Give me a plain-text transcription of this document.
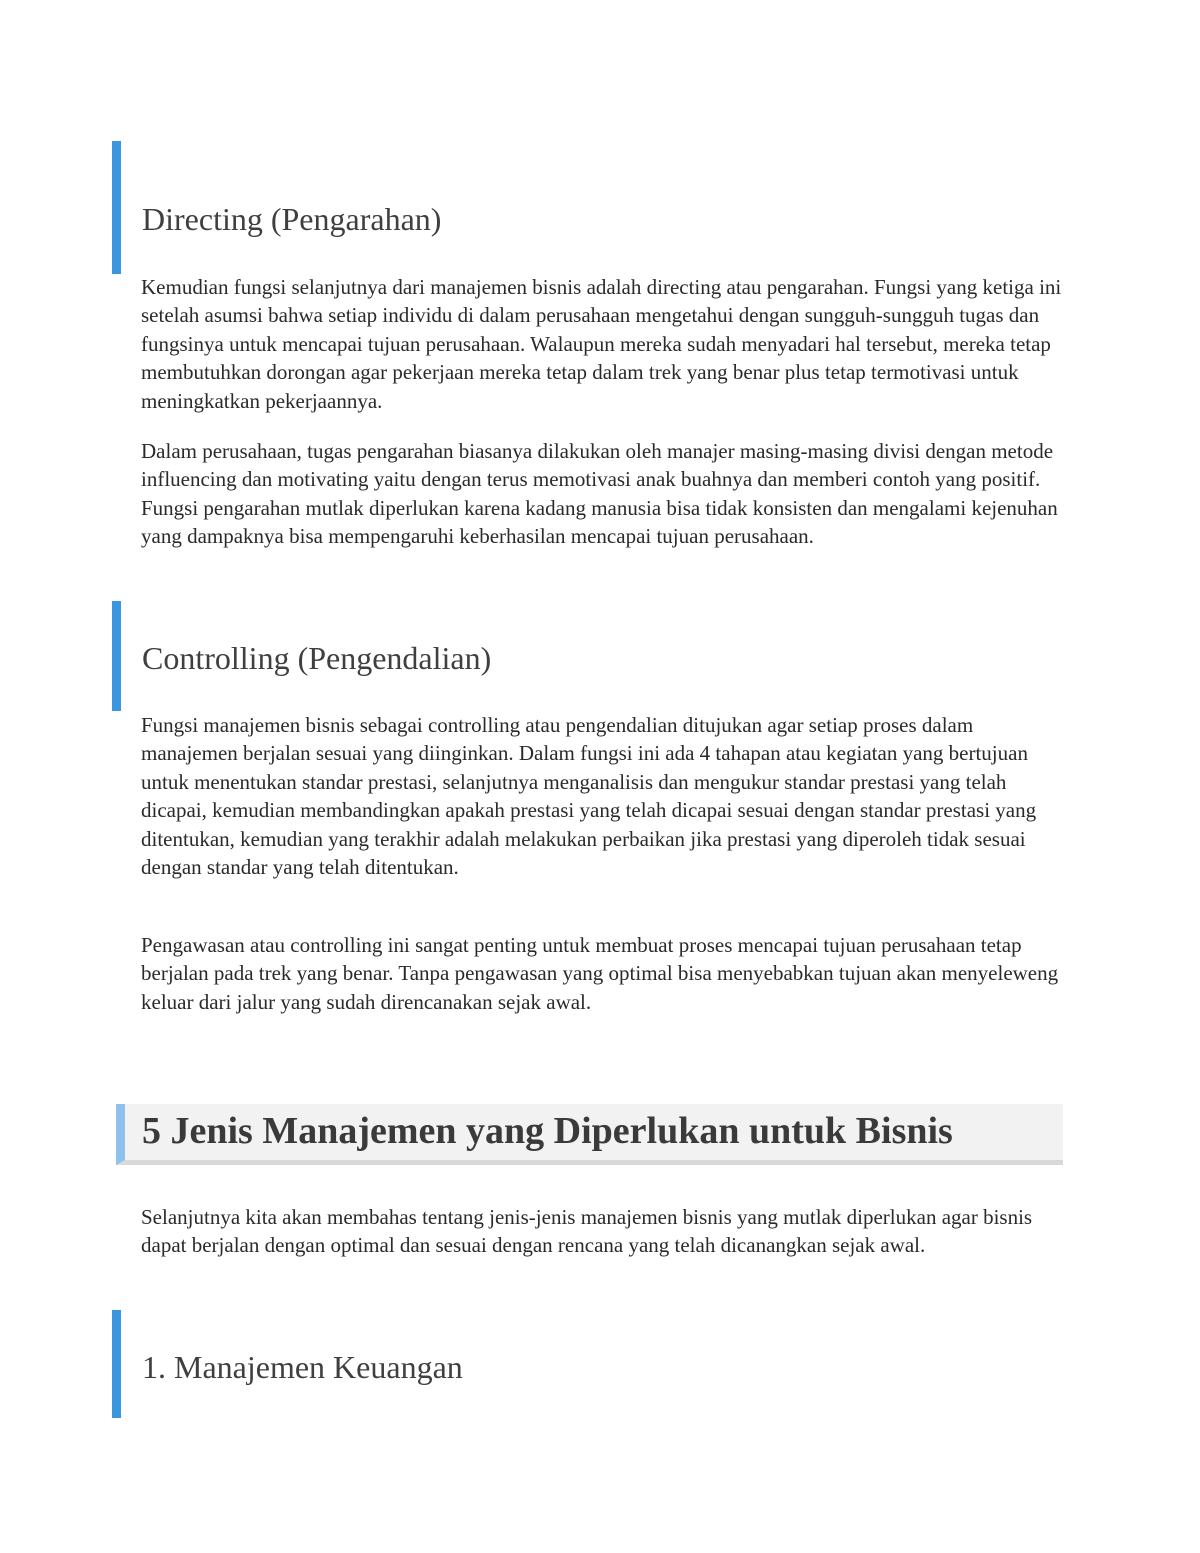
Directing (Pengarahan)

Kemudian fungsi selanjutnya dari manajemen bisnis adalah directing atau pengarahan. Fungsi yang ketiga ini setelah asumsi bahwa setiap individu di dalam perusahaan mengetahui dengan sungguh-sungguh tugas dan fungsinya untuk mencapai tujuan perusahaan. Walaupun mereka sudah menyadari hal tersebut, mereka tetap membutuhkan dorongan agar pekerjaan mereka tetap dalam trek yang benar plus tetap termotivasi untuk meningkatkan pekerjaannya.

Dalam perusahaan, tugas pengarahan biasanya dilakukan oleh manajer masing-masing divisi dengan metode influencing dan motivating yaitu dengan terus memotivasi anak buahnya dan memberi contoh yang positif. Fungsi pengarahan mutlak diperlukan karena kadang manusia bisa tidak konsisten dan mengalami kejenuhan yang dampaknya bisa mempengaruhi keberhasilan mencapai tujuan perusahaan.

Controlling (Pengendalian)

Fungsi manajemen bisnis sebagai controlling atau pengendalian ditujukan agar setiap proses dalam manajemen berjalan sesuai yang diinginkan. Dalam fungsi ini ada 4 tahapan atau kegiatan yang bertujuan untuk menentukan standar prestasi, selanjutnya menganalisis dan mengukur standar prestasi yang telah dicapai, kemudian membandingkan apakah prestasi yang telah dicapai sesuai dengan standar prestasi yang ditentukan, kemudian yang terakhir adalah melakukan perbaikan jika prestasi yang diperoleh tidak sesuai dengan standar yang telah ditentukan.

Pengawasan atau controlling ini sangat penting untuk membuat proses mencapai tujuan perusahaan tetap berjalan pada trek yang benar. Tanpa pengawasan yang optimal bisa menyebabkan tujuan akan menyeleweng keluar dari jalur yang sudah direncanakan sejak awal.

5 Jenis Manajemen yang Diperlukan untuk Bisnis

Selanjutnya kita akan membahas tentang jenis-jenis manajemen bisnis yang mutlak diperlukan agar bisnis dapat berjalan dengan optimal dan sesuai dengan rencana yang telah dicanangkan sejak awal.

1. Manajemen Keuangan
